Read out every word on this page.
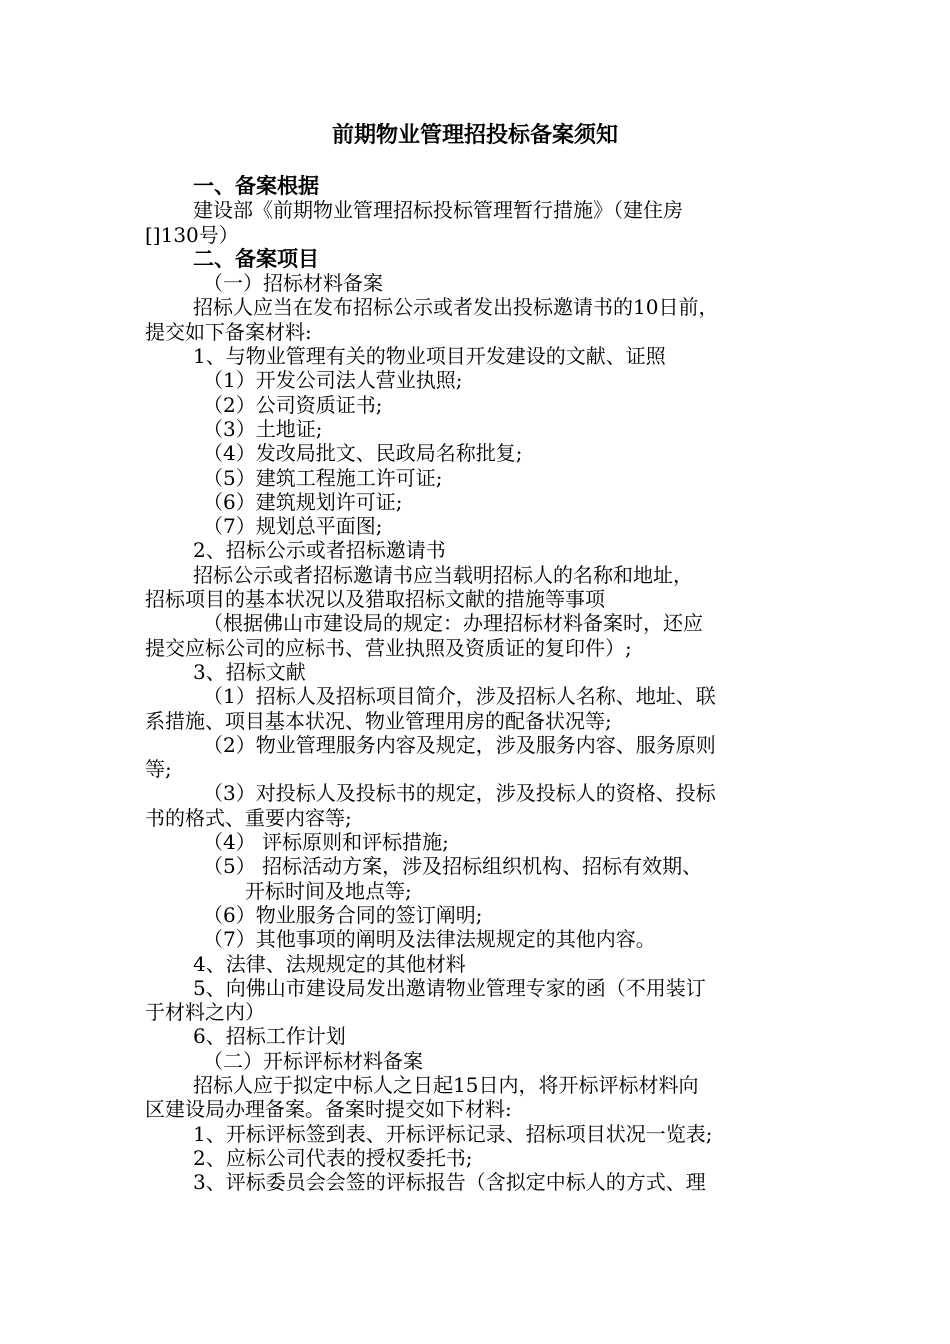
前期物业管理招投标备案须知
一、备案根据
建设部《前期物业管理招标投标管理暂行措施》（建住房
[]130号）
二、备案项目
（一）招标材料备案
招标人应当在发布招标公示或者发出投标邀请书的10日前，
提交如下备案材料:
1、与物业管理有关的物业项目开发建设的文献、证照
（1）开发公司法人营业执照;
（2）公司资质证书;
（3）土地证;
（4）发改局批文、民政局名称批复;
（5）建筑工程施工许可证;
（6）建筑规划许可证;
（7）规划总平面图;
2、招标公示或者招标邀请书
招标公示或者招标邀请书应当载明招标人的名称和地址，
招标项目的基本状况以及猎取招标文献的措施等事项
（根据佛山市建设局的规定：办理招标材料备案时，还应
提交应标公司的应标书、营业执照及资质证的复印件）;
3、招标文献
（1）招标人及招标项目简介，涉及招标人名称、地址、联
系措施、项目基本状况、物业管理用房的配备状况等;
（2）物业管理服务内容及规定，涉及服务内容、服务原则
等;
（3）对投标人及投标书的规定，涉及投标人的资格、投标
书的格式、重要内容等;
（4） 评标原则和评标措施;
（5） 招标活动方案，涉及招标组织机构、招标有效期、
开标时间及地点等;
（6）物业服务合同的签订阐明;
（7）其他事项的阐明及法律法规规定的其他内容。
4、法律、法规规定的其他材料
5、向佛山市建设局发出邀请物业管理专家的函（不用装订
于材料之内）
6、招标工作计划
（二）开标评标材料备案
招标人应于拟定中标人之日起15日内，将开标评标材料向
区建设局办理备案。备案时提交如下材料:
1、开标评标签到表、开标评标记录、招标项目状况一览表;
2、应标公司代表的授权委托书;
3、评标委员会会签的评标报告（含拟定中标人的方式、理
